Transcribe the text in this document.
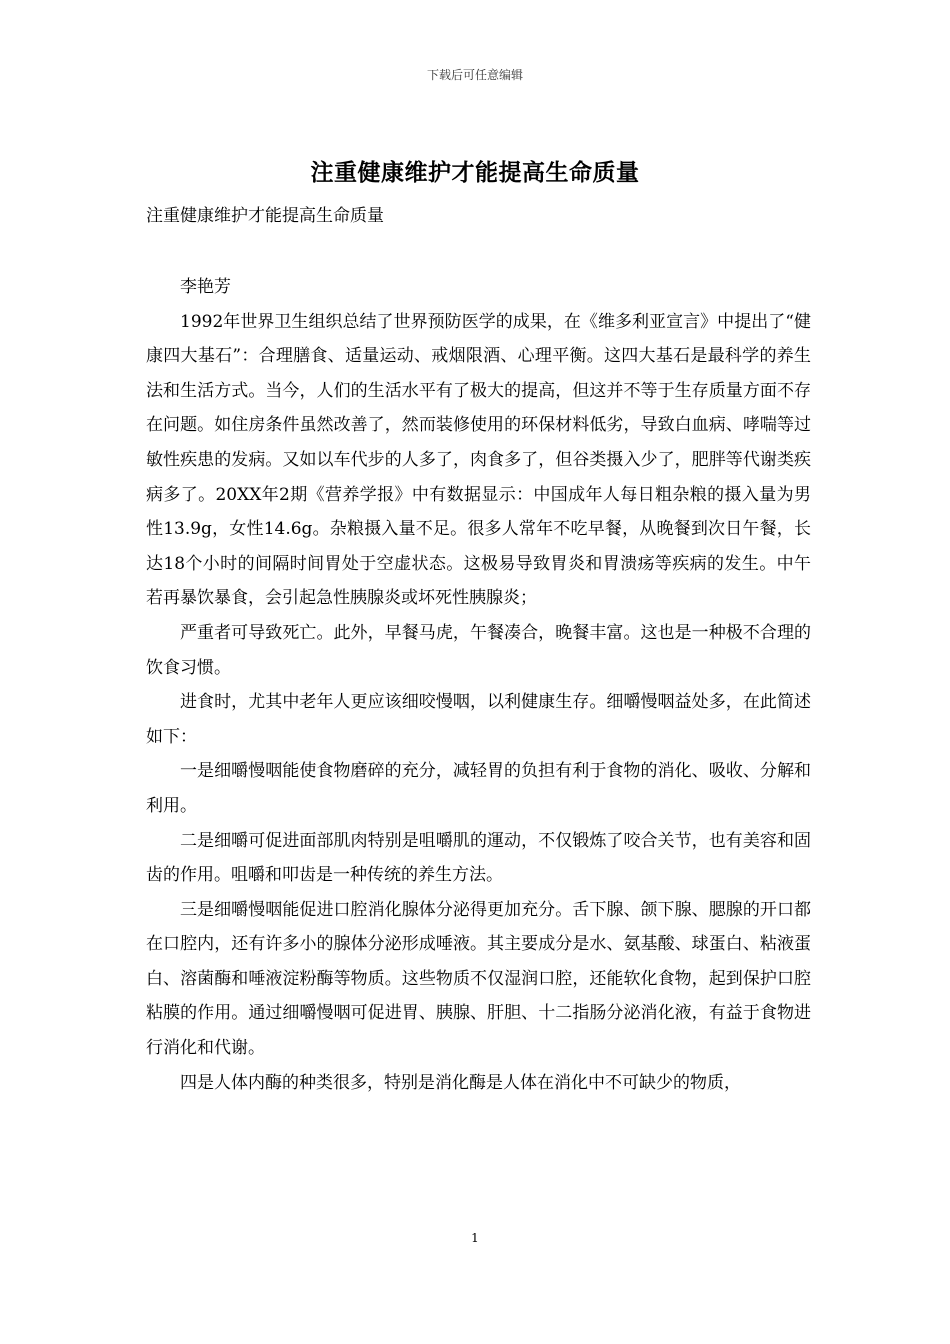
下载后可任意编辑
注重健康维护才能提高生命质量
注重健康维护才能提高生命质量

李艳芳

1992年世界卫生组织总结了世界预防医学的成果，在《维多利亚宣言》中提出了“健康四大基石”：合理膳食、适量运动、戒烟限酒、心理平衡。这四大基石是最科学的养生法和生活方式。当今，人们的生活水平有了极大的提高，但这并不等于生存质量方面不存在问题。如住房条件虽然改善了，然而装修使用的环保材料低劣，导致白血病、哮喘等过敏性疾患的发病。又如以车代步的人多了，肉食多了，但谷类摄入少了，肥胖等代谢类疾病多了。20XX年2期《营养学报》中有数据显示：中国成年人每日粗杂粮的摄入量为男性13.9g，女性14.6g。杂粮摄入量不足。很多人常年不吃早餐，从晚餐到次日午餐，长达18个小时的间隔时间胃处于空虚状态。这极易导致胃炎和胃溃疡等疾病的发生。中午若再暴饮暴食，会引起急性胰腺炎或坏死性胰腺炎；

严重者可导致死亡。此外，早餐马虎，午餐凑合，晚餐丰富。这也是一种极不合理的饮食习惯。

进食时，尤其中老年人更应该细咬慢咽，以利健康生存。细嚼慢咽益处多，在此简述如下：

一是细嚼慢咽能使食物磨碎的充分，减轻胃的负担有利于食物的消化、吸收、分解和利用。

二是细嚼可促进面部肌肉特别是咀嚼肌的運动，不仅锻炼了咬合关节，也有美容和固齿的作用。咀嚼和叩齿是一种传统的养生方法。

三是细嚼慢咽能促进口腔消化腺体分泌得更加充分。舌下腺、颌下腺、腮腺的开口都在口腔内，还有许多小的腺体分泌形成唾液。其主要成分是水、氨基酸、球蛋白、粘液蛋白、溶菌酶和唾液淀粉酶等物质。这些物质不仅湿润口腔，还能软化食物，起到保护口腔粘膜的作用。通过细嚼慢咽可促进胃、胰腺、肝胆、十二指肠分泌消化液，有益于食物进行消化和代谢。

四是人体内酶的种类很多，特别是消化酶是人体在消化中不可缺少的物质，

1
